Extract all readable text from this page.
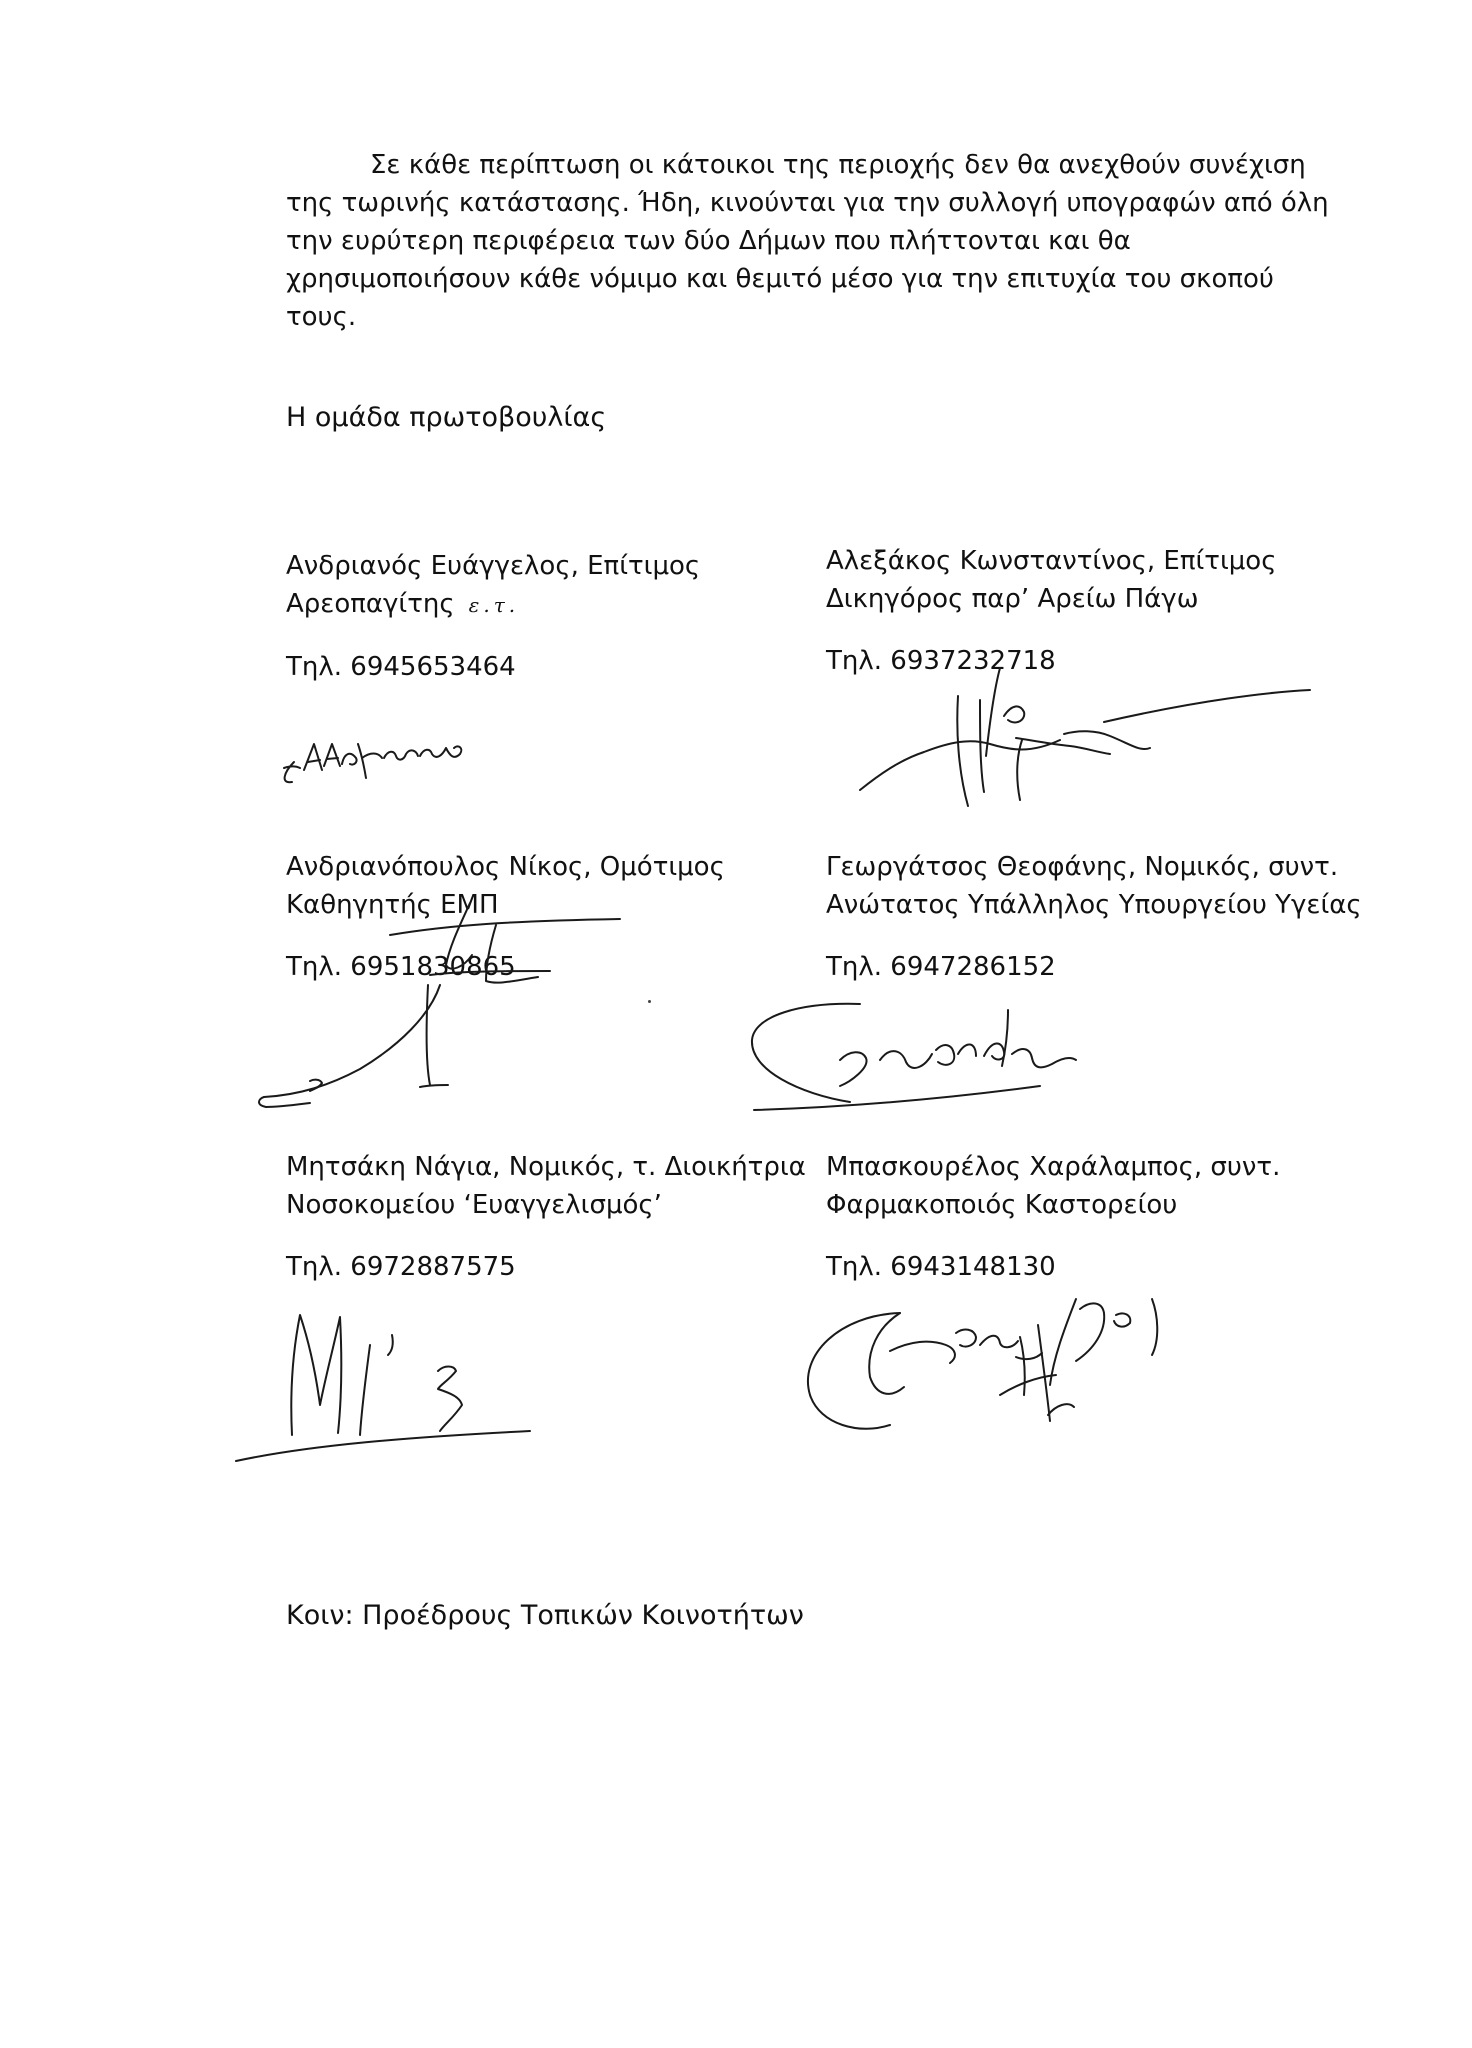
Σε κάθε περίπτωση οι κάτοικοι της περιοχής δεν θα ανεχθούν συνέχιση της τωρινής κατάστασης. Ήδη, κινούνται για την συλλογή υπογραφών από όλη την ευρύτερη περιφέρεια των δύο Δήμων που πλήττονται και θα χρησιμοποιήσουν κάθε νόμιμο και θεμιτό μέσο για την επιτυχία του σκοπού τους.

Η ομάδα πρωτοβουλίας

Ανδριανός Ευάγγελος, Επίτιμος
Αρεοπαγίτης ε.τ.
Τηλ. 6945653464
Αλεξάκος Κωνσταντίνος, Επίτιμος
Δικηγόρος παρ’ Αρείω Πάγω
Τηλ. 6937232718
Ανδριανόπουλος Νίκος, Ομότιμος
Καθηγητής ΕΜΠ
Τηλ. 6951830865
Γεωργάτσος Θεοφάνης, Νομικός, συντ.
Ανώτατος Υπάλληλος Υπουργείου Υγείας
Τηλ. 6947286152
Μητσάκη Νάγια, Νομικός, τ. Διοικήτρια
Νοσοκομείου ‘Ευαγγελισμός’
Τηλ. 6972887575
Μπασκουρέλος Χαράλαμπος, συντ.
Φαρμακοποιός Καστορείου
Τηλ. 6943148130
Κοιν: Προέδρους Τοπικών Κοινοτήτων
